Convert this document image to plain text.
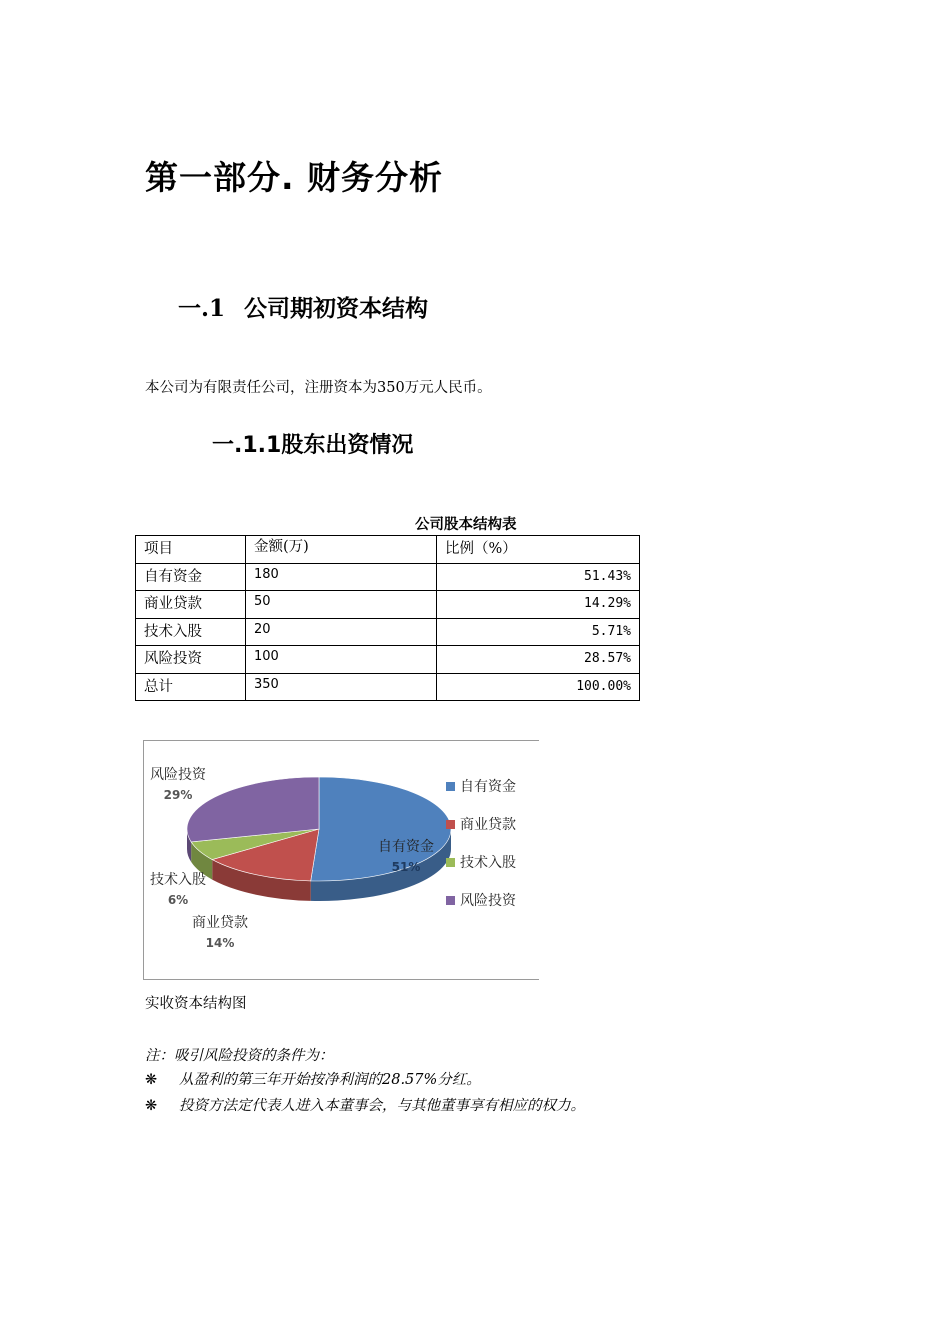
第一部分. 财务分析
一.1 公司期初资本结构
本公司为有限责任公司，注册资本为350万元人民币。
一.1.1股东出资情况
公司股本结构表
项目	金额(万)	比例（%）
自有资金	180	51.43%
商业贷款	50	14.29%
技术入股	20	5.71%
风险投资	100	28.57%
总计	350	100.00%
自有资金
51%
商业贷款
14%
技术入股
6%
风险投资
29%	自有资金
商业贷款
技术入股
风险投资
实收资本结构图
注：吸引风险投资的条件为：
❋ 从盈利的第三年开始按净利润的28.57%分红。
❋ 投资方法定代表人进入本董事会，与其他董事享有相应的权力。
